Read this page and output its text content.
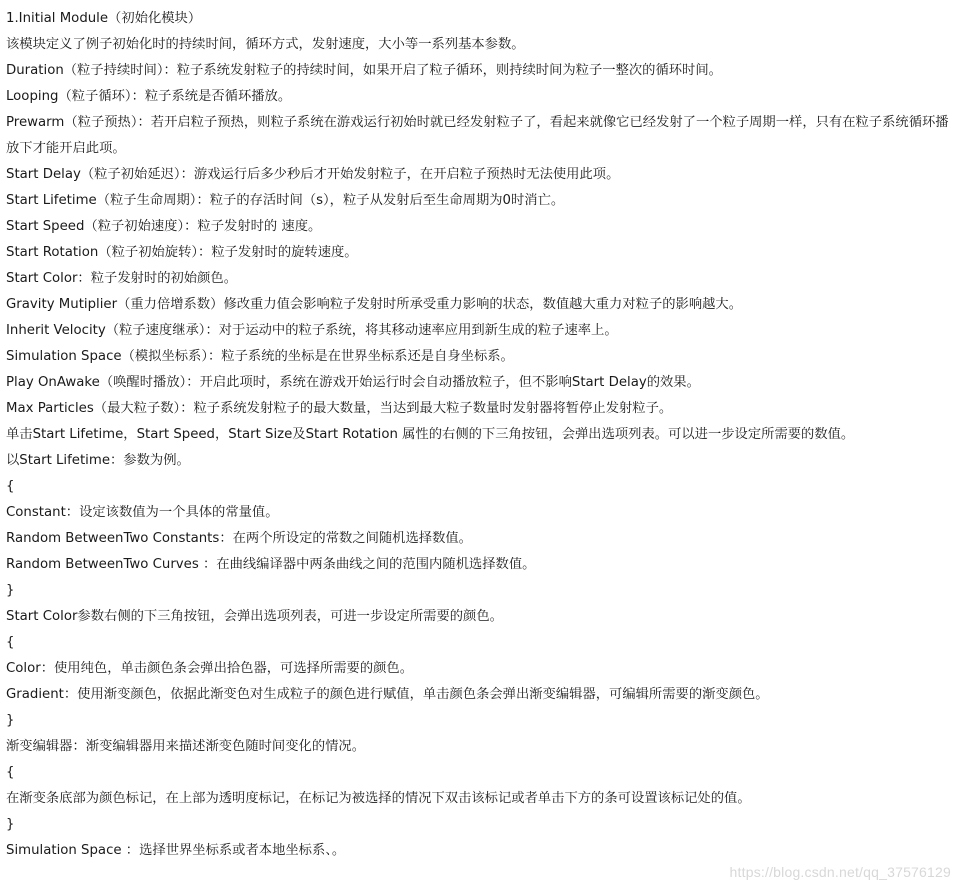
1.Initial Module（初始化模块）

该模块定义了例子初始化时的持续时间，循环方式，发射速度，大小等一系列基本参数。

Duration（粒子持续时间）：粒子系统发射粒子的持续时间，如果开启了粒子循环，则持续时间为粒子一整次的循环时间。

Looping（粒子循环）：粒子系统是否循环播放。

Prewarm（粒子预热）：若开启粒子预热，则粒子系统在游戏运行初始时就已经发射粒子了，看起来就像它已经发射了一个粒子周期一样，只有在粒子系统循环播放下才能开启此项。

Start Delay（粒子初始延迟）：游戏运行后多少秒后才开始发射粒子，在开启粒子预热时无法使用此项。

Start Lifetime（粒子生命周期）：粒子的存活时间（s），粒子从发射后至生命周期为0时消亡。

Start Speed（粒子初始速度）：粒子发射时的 速度。

Start Rotation（粒子初始旋转）：粒子发射时的旋转速度。

Start Color：粒子发射时的初始颜色。

Gravity Mutiplier（重力倍增系数）修改重力值会影响粒子发射时所承受重力影响的状态，数值越大重力对粒子的影响越大。

Inherit Velocity（粒子速度继承）：对于运动中的粒子系统，将其移动速率应用到新生成的粒子速率上。

Simulation Space（模拟坐标系）：粒子系统的坐标是在世界坐标系还是自身坐标系。

Play OnAwake（唤醒时播放）：开启此项时，系统在游戏开始运行时会自动播放粒子，但不影响Start Delay的效果。

Max Particles（最大粒子数）：粒子系统发射粒子的最大数量，当达到最大粒子数量时发射器将暂停止发射粒子。

单击Start Lifetime，Start Speed，Start Size及Start Rotation 属性的右侧的下三角按钮，会弹出选项列表。可以进一步设定所需要的数值。

以Start Lifetime：参数为例。

{

Constant：设定该数值为一个具体的常量值。

Random BetweenTwo Constants：在两个所设定的常数之间随机选择数值。

Random BetweenTwo Curves ：在曲线编译器中两条曲线之间的范围内随机选择数值。

}

Start Color参数右侧的下三角按钮，会弹出选项列表，可进一步设定所需要的颜色。

{

Color：使用纯色，单击颜色条会弹出拾色器，可选择所需要的颜色。

Gradient：使用渐变颜色，依据此渐变色对生成粒子的颜色进行赋值，单击颜色条会弹出渐变编辑器，可编辑所需要的渐变颜色。

}

渐变编辑器：渐变编辑器用来描述渐变色随时间变化的情况。

{

在渐变条底部为颜色标记，在上部为透明度标记，在标记为被选择的情况下双击该标记或者单击下方的条可设置该标记处的值。

}

Simulation Space ：选择世界坐标系或者本地坐标系、。

https://blog.csdn.net/qq_37576129
